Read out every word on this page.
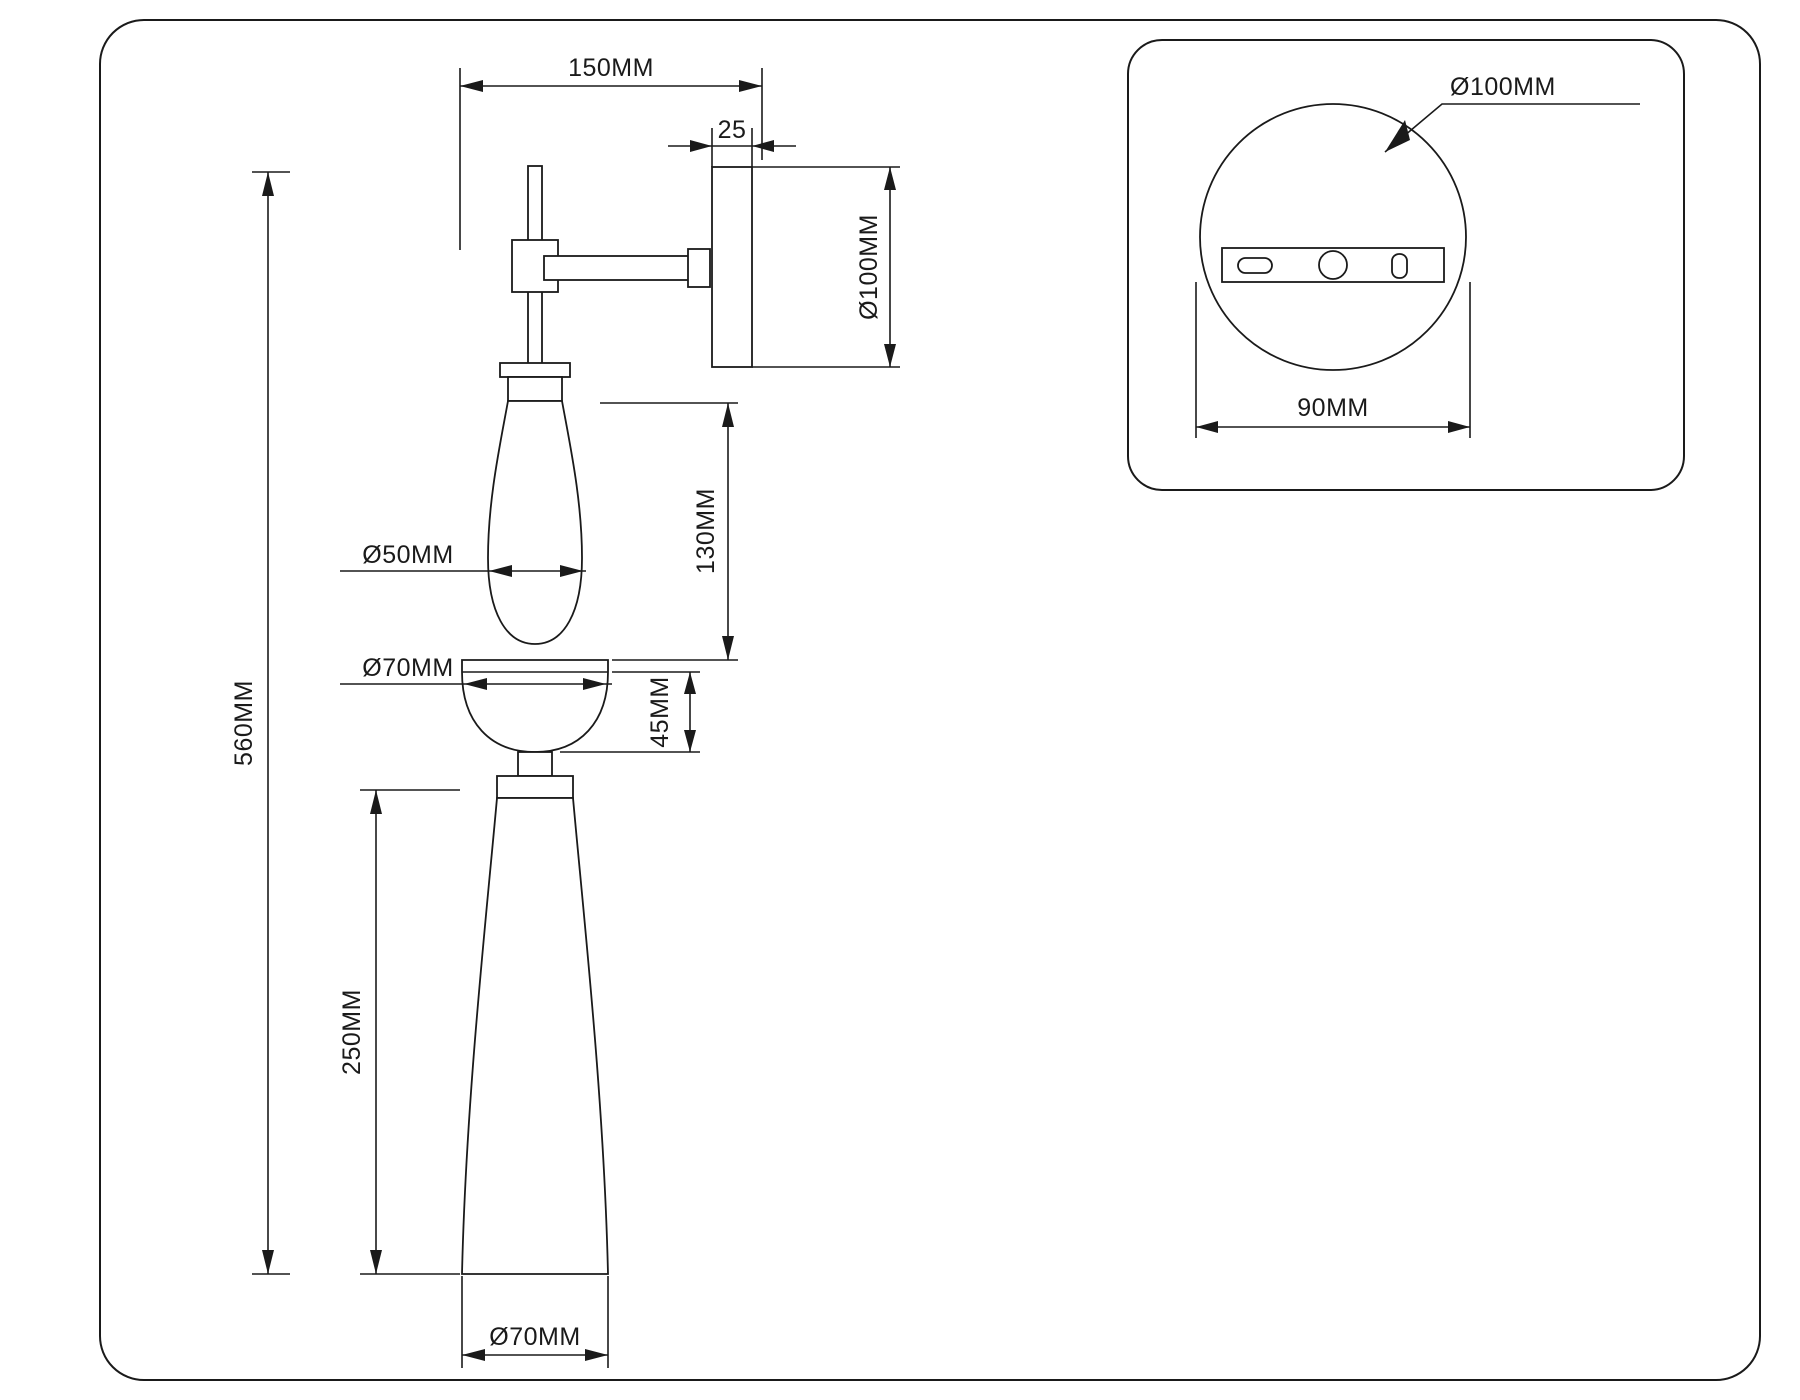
Ø100MM
90MM
150MM
25
Ø100MM
560MM
130MM
Ø50MM
Ø70MM
45MM
250MM
Ø70MM
